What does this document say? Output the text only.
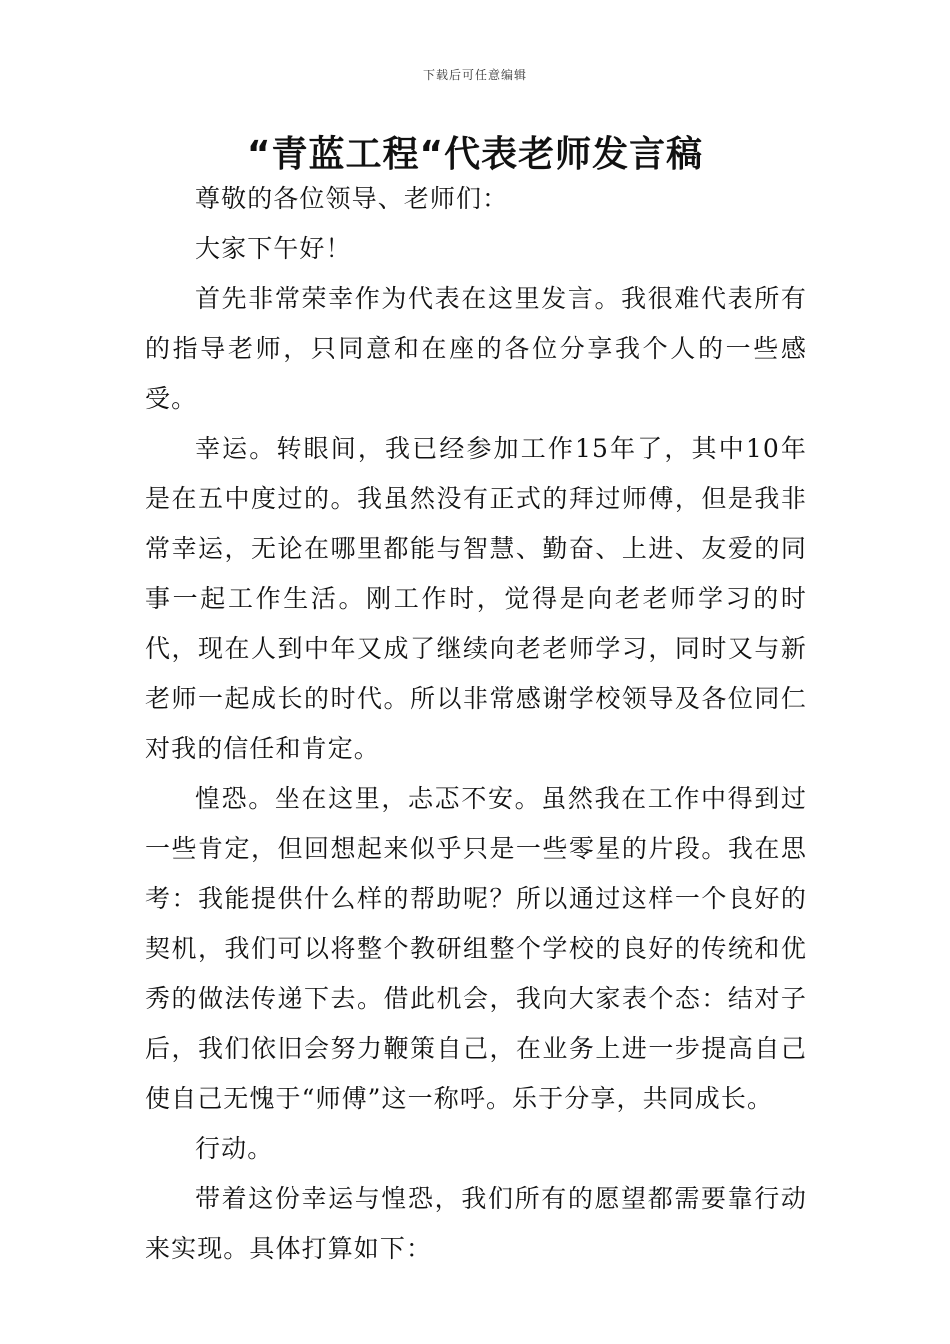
下载后可任意编辑
“青蓝工程“代表老师发言稿

尊敬的各位领导、老师们：

大家下午好！

首先非常荣幸作为代表在这里发言。我很难代表所有的指导老师，只同意和在座的各位分享我个人的一些感受。

幸运。转眼间，我已经参加工作15年了，其中10年是在五中度过的。我虽然没有正式的拜过师傅，但是我非常幸运，无论在哪里都能与智慧、勤奋、上进、友爱的同事一起工作生活。刚工作时，觉得是向老老师学习的时代，现在人到中年又成了继续向老老师学习，同时又与新老师一起成长的时代。所以非常感谢学校领导及各位同仁对我的信任和肯定。

惶恐。坐在这里，忐忑不安。虽然我在工作中得到过一些肯定，但回想起来似乎只是一些零星的片段。我在思考：我能提供什么样的帮助呢？所以通过这样一个良好的契机，我们可以将整个教研组整个学校的良好的传统和优秀的做法传递下去。借此机会，我向大家表个态：结对子后，我们依旧会努力鞭策自己，在业务上进一步提高自己使自己无愧于“师傅”这一称呼。乐于分享，共同成长。

行动。

带着这份幸运与惶恐，我们所有的愿望都需要靠行动来实现。具体打算如下：
